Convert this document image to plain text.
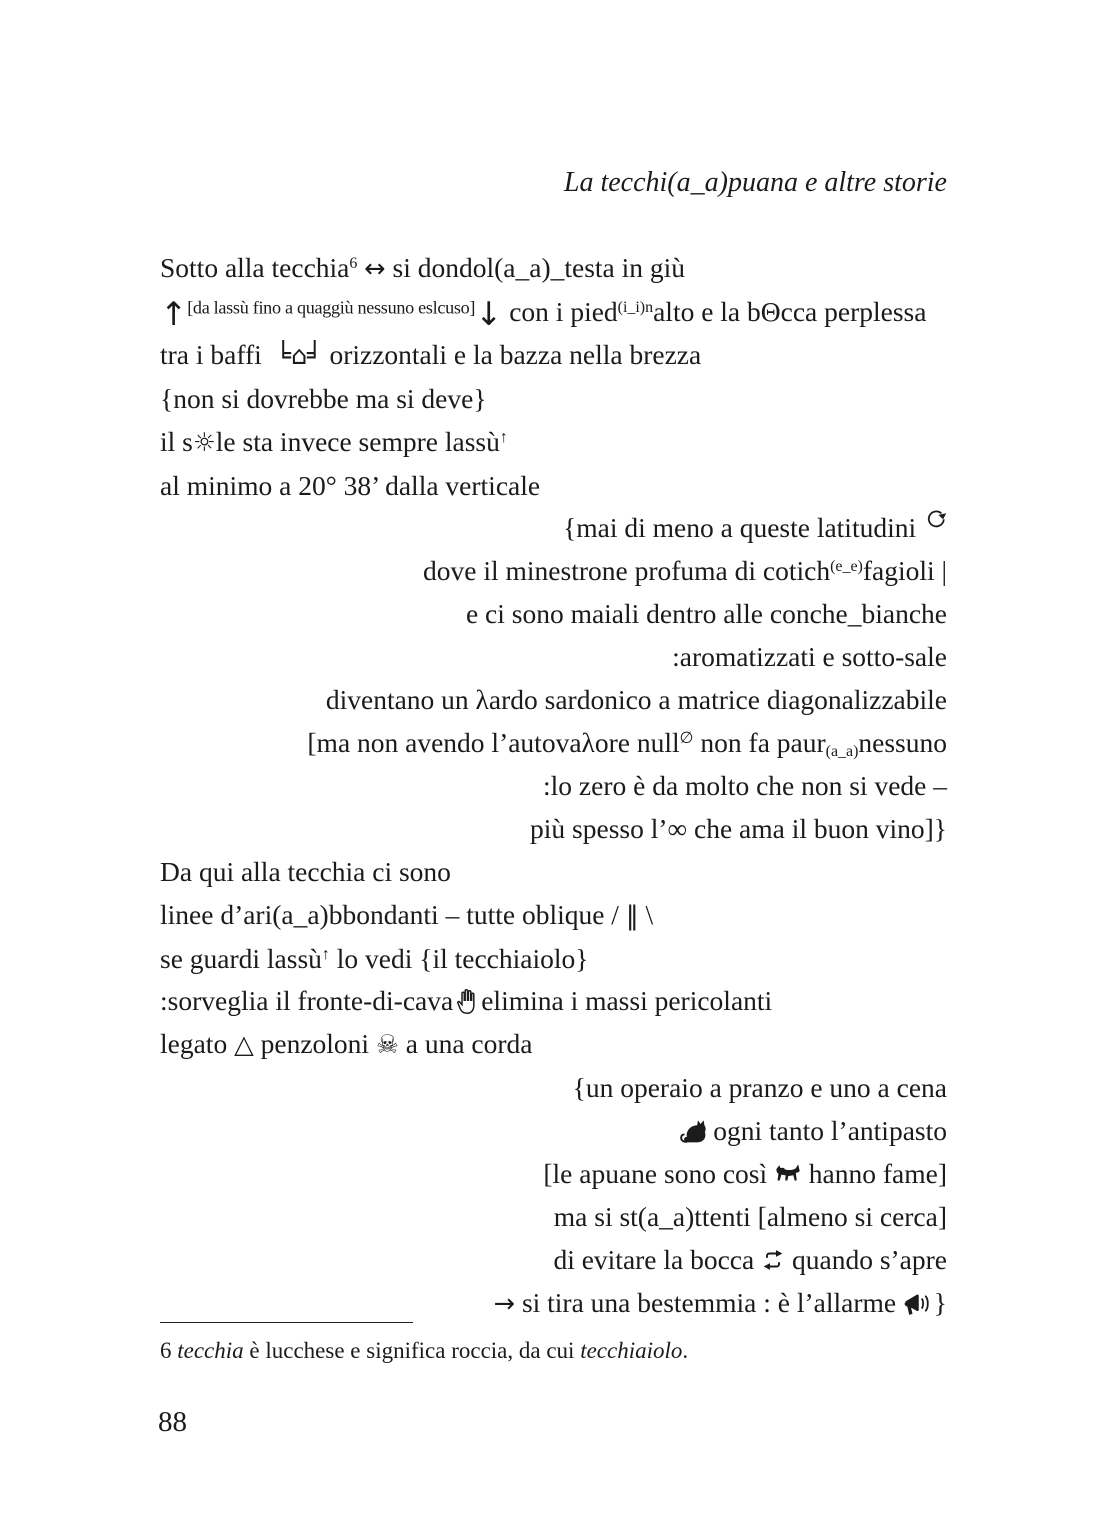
La tecchi(a_a)puana e altre storie
Sotto alla tecchia$^6$ ↔ si dondol(a_a)_testa in giù
↑[da lassù fino a quaggiù nessuno eslcuso]↓ con i pied$^{(i\_i)n}$alto e la bΘcca perplessa
tra i baffi  ╘⌂╛ orizzontali e la bazza nella brezza
{non si dovrebbe ma si deve}
il s☼le sta invece sempre lassù↑
al minimo a 20° 38’ dalla verticale
{mai di meno a queste latitudini
dove il minestrone profuma di cotich$^{(e\_e)}$fagioli |
e ci sono maiali dentro alle conche_bianche
:aromatizzati e sotto-sale
diventano un λardo sardonico a matrice diagonalizzabile
[ma non avendo l’autovaλore null∅ non fa paur$_{(a\_a)}$nessuno
:lo zero è da molto che non si vede –
più spesso l’∞ che ama il buon vino]}
Da qui alla tecchia ci sono
linee d’ari(a_a)bbondanti – tutte oblique / ‖ \
se guardi lassù↑ lo vedi {il tecchiaiolo}
:sorveglia il fronte-di-cava elimina i massi pericolanti
legato △ penzoloni ☠ a una corda
{un operaio a pranzo e uno a cena
ogni tanto l’antipasto
[le apuane sono così  hanno fame]
ma si st(a_a)ttenti [almeno si cerca]
di evitare la bocca  quando s’apre
→ si tira una bestemmia : è l’allarme }
6 tecchia è lucchese e significa roccia, da cui tecchiaiolo.
88
